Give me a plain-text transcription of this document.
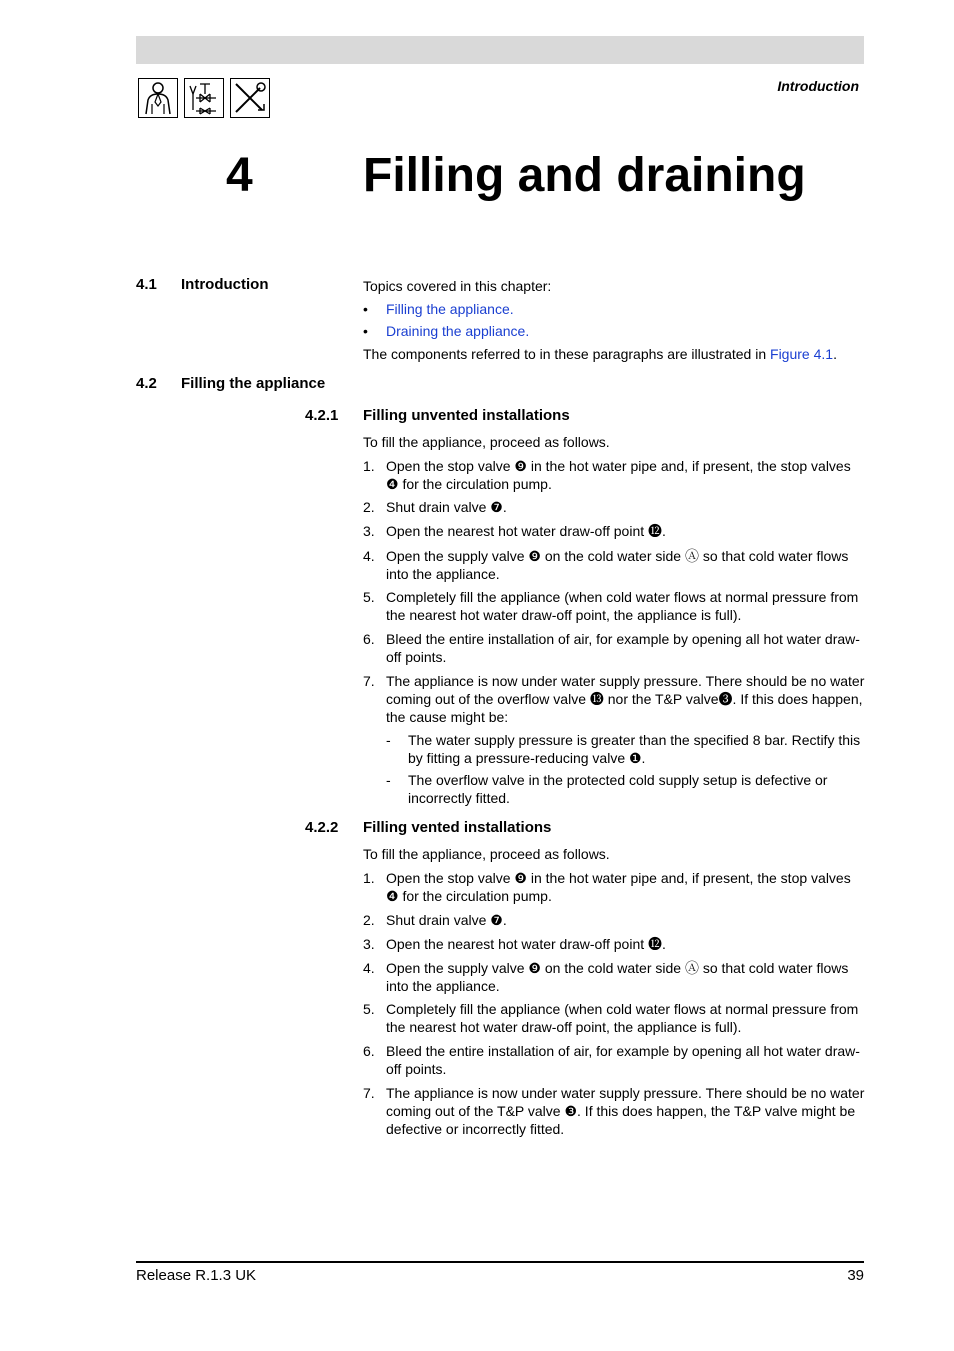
Introduction
4 Filling and draining
4.1 Introduction	Topics covered in this chapter:
• Filling the appliance.
• Draining the appliance.
The components referred to in these paragraphs are illustrated in Figure 4.1.
4.2 Filling the appliance
4.2.1 Filling unvented installations
To fill the appliance, proceed as follows.
1. Open the stop valve ❾ in the hot water pipe and, if present, the stop valves ❹ for the circulation pump.
2. Shut drain valve ❼.
3. Open the nearest hot water draw-off point ⓬.
4. Open the supply valve ❾ on the cold water side Ⓐ so that cold water flows into the appliance.
5. Completely fill the appliance (when cold water flows at normal pressure from the nearest hot water draw-off point, the appliance is full).
6. Bleed the entire installation of air, for example by opening all hot water draw-off points.
7. The appliance is now under water supply pressure. There should be no water coming out of the overflow valve ⓭ nor the T&P valve❸. If this does happen, the cause might be:
- The water supply pressure is greater than the specified 8 bar. Rectify this by fitting a pressure-reducing valve ❶.
- The overflow valve in the protected cold supply setup is defective or incorrectly fitted.
4.2.2 Filling vented installations
To fill the appliance, proceed as follows.
1. Open the stop valve ❾ in the hot water pipe and, if present, the stop valves ❹ for the circulation pump.
2. Shut drain valve ❼.
3. Open the nearest hot water draw-off point ⓬.
4. Open the supply valve ❾ on the cold water side Ⓐ so that cold water flows into the appliance.
5. Completely fill the appliance (when cold water flows at normal pressure from the nearest hot water draw-off point, the appliance is full).
6. Bleed the entire installation of air, for example by opening all hot water draw-off points.
7. The appliance is now under water supply pressure. There should be no water coming out of the T&P valve ❸. If this does happen, the T&P valve might be defective or incorrectly fitted.
Release R.1.3 UK	39
